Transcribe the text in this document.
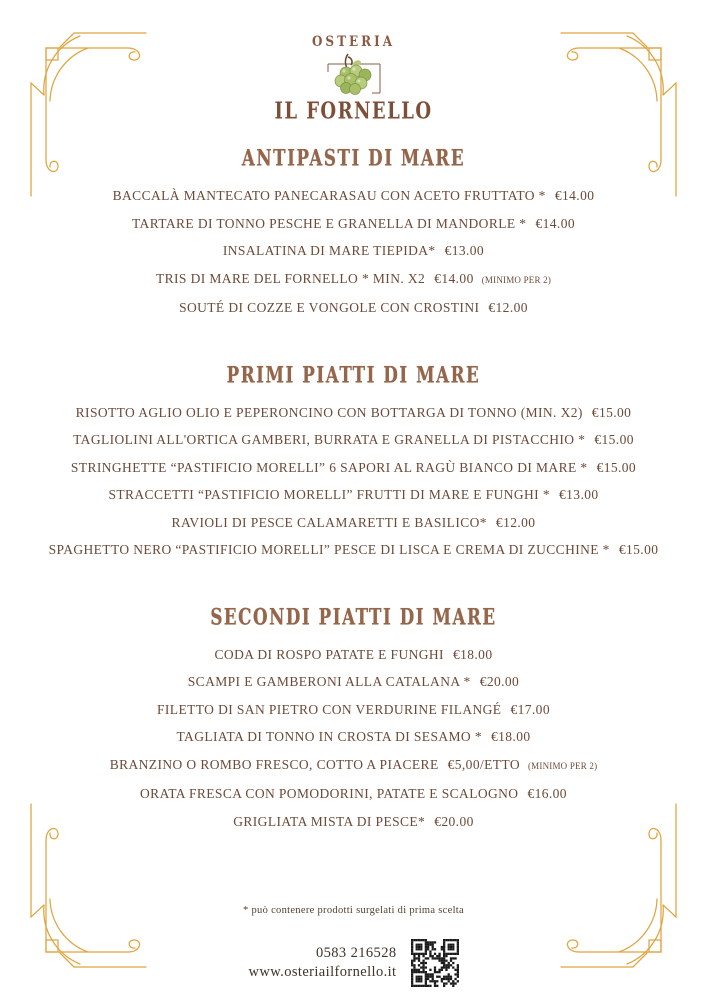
OSTERIA
IL FORNELLO
ANTIPASTI DI MARE
BACCALÀ MANTECATO PANECARASAU CON ACETO FRUTTATO * €14.00
TARTARE DI TONNO PESCHE E GRANELLA DI MANDORLE * €14.00
INSALATINA DI MARE TIEPIDA* €13.00
TRIS DI MARE DEL FORNELLO * MIN. X2 €14.00 (MINIMO PER 2)
SOUTÉ DI COZZE E VONGOLE CON CROSTINI €12.00
PRIMI PIATTI DI MARE
RISOTTO AGLIO OLIO E PEPERONCINO CON BOTTARGA DI TONNO (MIN. X2) €15.00
TAGLIOLINI ALL'ORTICA GAMBERI, BURRATA E GRANELLA DI PISTACCHIO * €15.00
STRINGHETTE “PASTIFICIO MORELLI” 6 SAPORI AL RAGÙ BIANCO DI MARE * €15.00
STRACCETTI “PASTIFICIO MORELLI” FRUTTI DI MARE E FUNGHI * €13.00
RAVIOLI DI PESCE CALAMARETTI E BASILICO* €12.00
SPAGHETTO NERO “PASTIFICIO MORELLI” PESCE DI LISCA E CREMA DI ZUCCHINE * €15.00
SECONDI PIATTI DI MARE
CODA DI ROSPO PATATE E FUNGHI €18.00
SCAMPI E GAMBERONI ALLA CATALANA * €20.00
FILETTO DI SAN PIETRO CON VERDURINE FILANGÉ €17.00
TAGLIATA DI TONNO IN CROSTA DI SESAMO * €18.00
BRANZINO O ROMBO FRESCO, COTTO A PIACERE €5,00/ETTO (MINIMO PER 2)
ORATA FRESCA CON POMODORINI, PATATE E SCALOGNO €16.00
GRIGLIATA MISTA DI PESCE* €20.00
* può contenere prodotti surgelati di prima scelta
0583 216528
www.osteriailfornello.it
